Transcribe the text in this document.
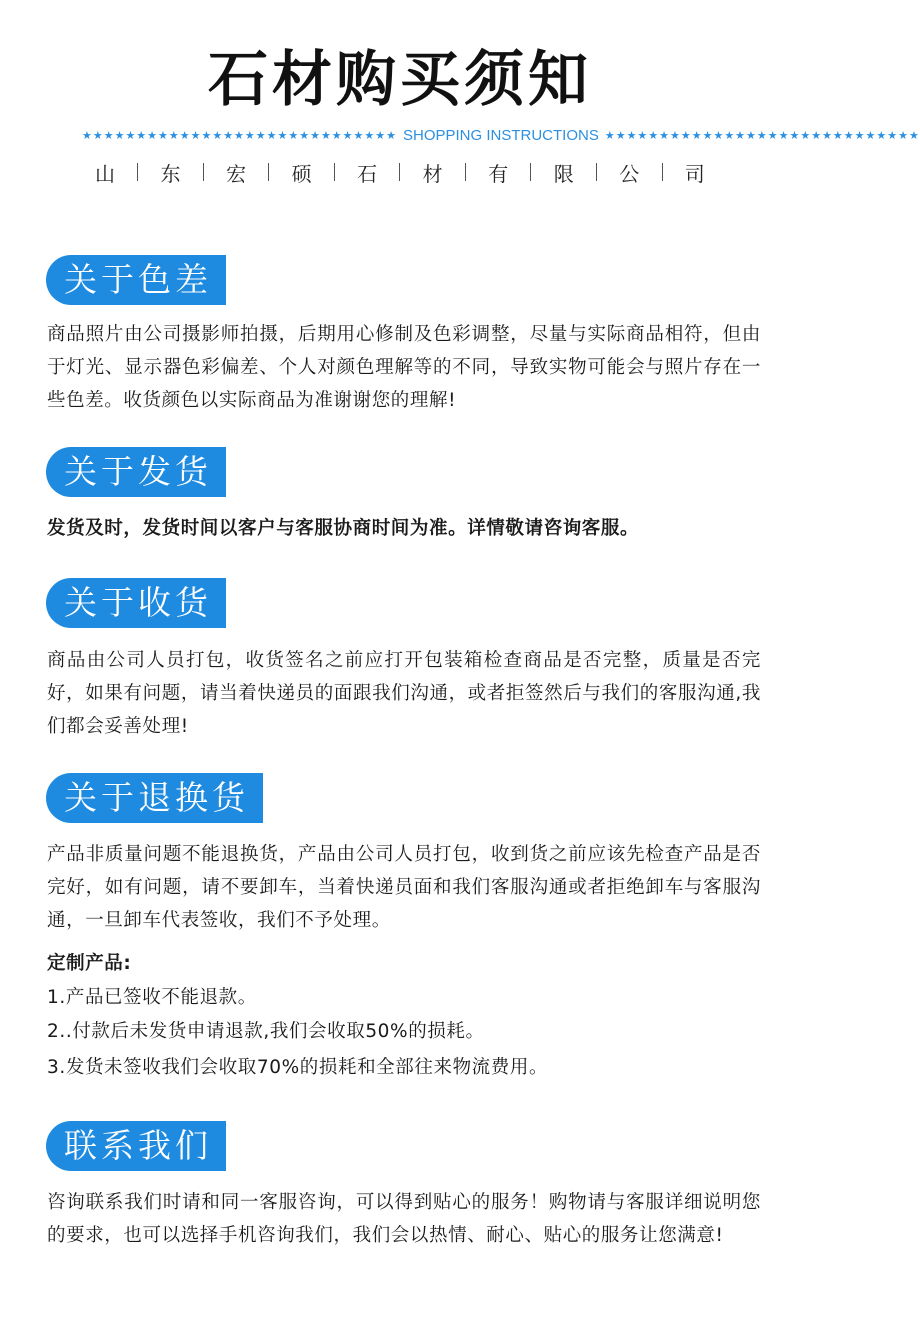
石材购买须知
★★★★★★★★★★★★★★★★★★★★★★★★★★★★★ SHOPPING INSTRUCTIONS ★★★★★★★★★★★★★★★★★★★★★★★★★★★★★
山 东 宏 硕 石 材 有 限 公 司
关于色差
商品照片由公司摄影师拍摄，后期用心修制及色彩调整，尽量与实际商品相符，但由于灯光、显示器色彩偏差、个人对颜色理解等的不同，导致实物可能会与照片存在一些色差。收货颜色以实际商品为准谢谢您的理解!
关于发货
发货及时，发货时间以客户与客服协商时间为准。详情敬请咨询客服。
关于收货
商品由公司人员打包，收货签名之前应打开包装箱检查商品是否完整，质量是否完好，如果有问题，请当着快递员的面跟我们沟通，或者拒签然后与我们的客服沟通,我们都会妥善处理!
关于退换货
产品非质量问题不能退换货，产品由公司人员打包，收到货之前应该先检查产品是否完好，如有问题，请不要卸车，当着快递员面和我们客服沟通或者拒绝卸车与客服沟通，一旦卸车代表签收，我们不予处理。
定制产品:
1.产品已签收不能退款。
2..付款后未发货申请退款,我们会收取50%的损耗。
3.发货未签收我们会收取70%的损耗和全部往来物流费用。
联系我们
咨询联系我们时请和同一客服咨询，可以得到贴心的服务！购物请与客服详细说明您的要求，也可以选择手机咨询我们，我们会以热情、耐心、贴心的服务让您满意!
